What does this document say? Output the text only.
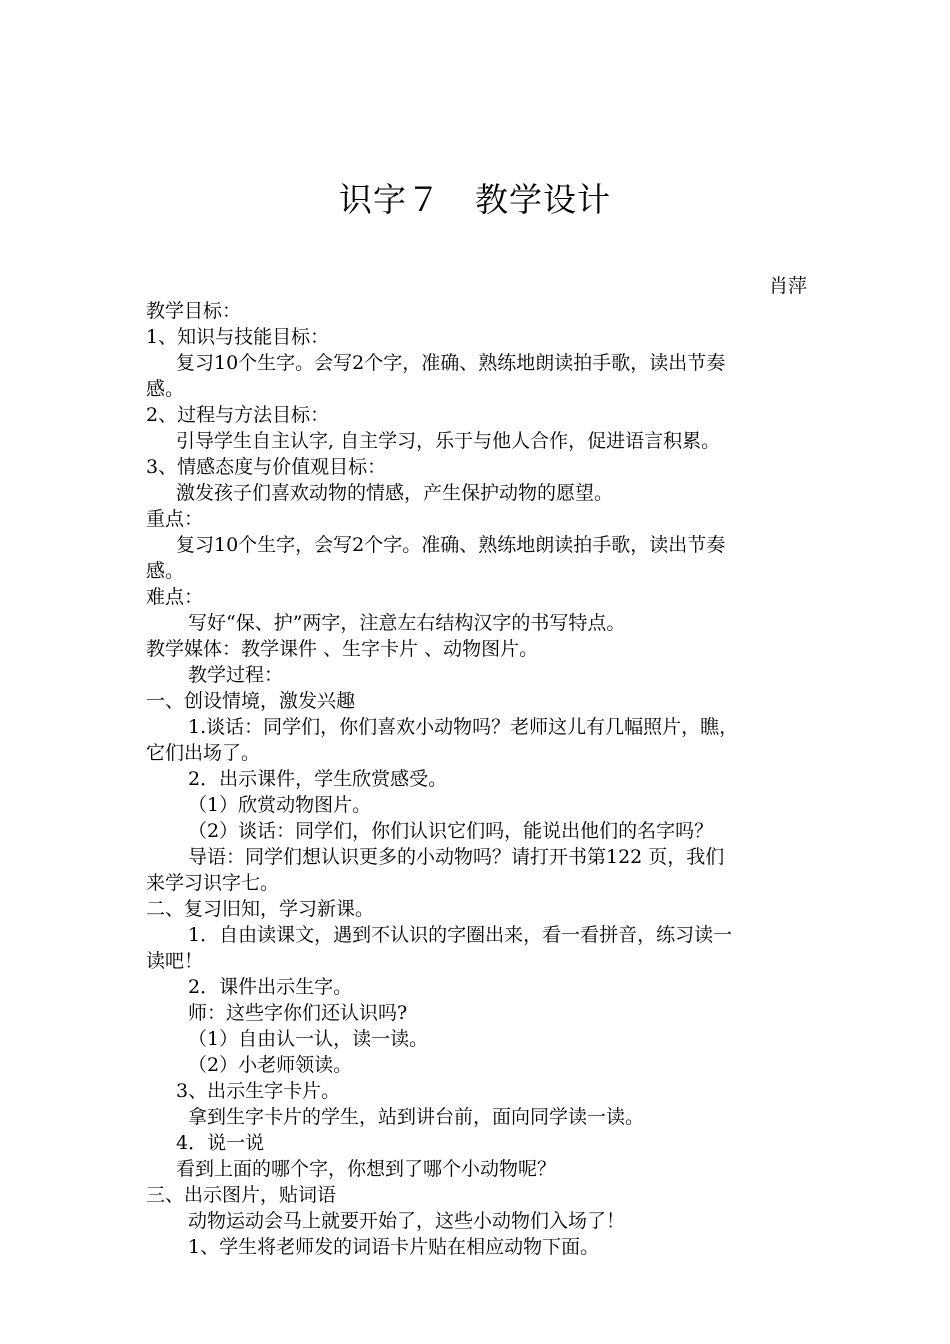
识字７　教学设计
肖萍
教学目标：
1、知识与技能目标：
复习10个生字。会写2个字，准确、熟练地朗读拍手歌，读出节奏
感。
2、过程与方法目标：
引导学生自主认字, 自主学习，乐于与他人合作，促进语言积累。
3、情感态度与价值观目标：
激发孩子们喜欢动物的情感，产生保护动物的愿望。
重点：
复习10个生字，会写2个字。准确、熟练地朗读拍手歌，读出节奏
感。
难点：
写好“保、护”两字，注意左右结构汉字的书写特点。
教学媒体：教学课件 、生字卡片 、动物图片。
教学过程：
一、创设情境，激发兴趣
1.谈话：同学们，你们喜欢小动物吗？老师这儿有几幅照片，瞧，
它们出场了。
2．出示课件，学生欣赏感受。
（1）欣赏动物图片。
（2）谈话：同学们，你们认识它们吗，能说出他们的名字吗？
导语：同学们想认识更多的小动物吗？请打开书第122 页，我们
来学习识字七。
二、复习旧知，学习新课。
1．自由读课文，遇到不认识的字圈出来，看一看拼音，练习读一
读吧！
2．课件出示生字。
师：这些字你们还认识吗?
（1）自由认一认，读一读。
（2）小老师领读。
3、出示生字卡片。
拿到生字卡片的学生，站到讲台前，面向同学读一读。
4．说一说
看到上面的哪个字，你想到了哪个小动物呢？
三、出示图片，贴词语
动物运动会马上就要开始了，这些小动物们入场了！
1、学生将老师发的词语卡片贴在相应动物下面。
